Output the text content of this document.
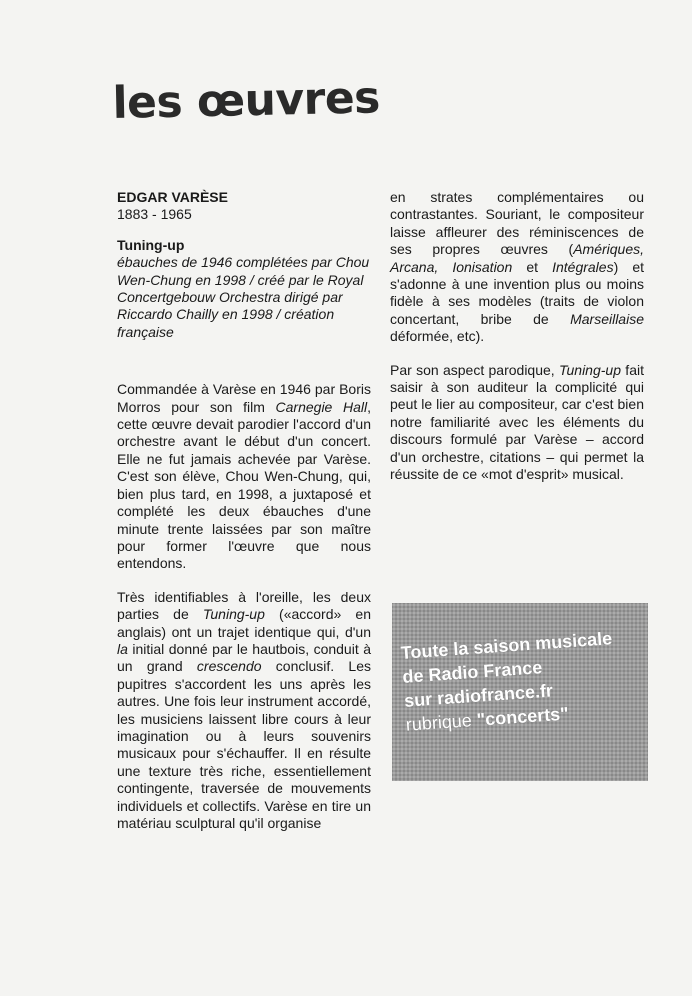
les œuvres
EDGAR VARÈSE
1883 - 1965
Tuning-up

ébauches de 1946 complétées par Chou Wen-Chung en 1998 / créé par le Royal Concertgebouw Orchestra dirigé par Riccardo Chailly en 1998 / création française

Commandée à Varèse en 1946 par Boris Morros pour son film Carnegie Hall, cette œuvre devait parodier l'accord d'un orchestre avant le début d'un concert. Elle ne fut jamais achevée par Varèse. C'est son élève, Chou Wen-Chung, qui, bien plus tard, en 1998, a juxtaposé et complété les deux ébauches d'une minute trente laissées par son maître pour former l'œuvre que nous entendons.

Très identifiables à l'oreille, les deux parties de Tuning-up («accord» en anglais) ont un trajet identique qui, d'un la initial donné par le hautbois, conduit à un grand crescendo conclusif. Les pupitres s'accordent les uns après les autres. Une fois leur instrument accordé, les musiciens laissent libre cours à leur imagination ou à leurs souvenirs musicaux pour s'échauffer. Il en résulte une texture très riche, essentiellement contingente, traversée de mouvements individuels et collectifs. Varèse en tire un matériau sculptural qu'il organise

en strates complémentaires ou contrastantes. Souriant, le compositeur laisse affleurer des réminiscences de ses propres œuvres (Amériques, Arcana, Ionisation et Intégrales) et s'adonne à une invention plus ou moins fidèle à ses modèles (traits de violon concertant, bribe de Marseillaise déformée, etc).

Par son aspect parodique, Tuning-up fait saisir à son auditeur la complicité qui peut le lier au compositeur, car c'est bien notre familiarité avec les éléments du discours formulé par Varèse – accord d'un orchestre, citations – qui permet la réussite de ce «mot d'esprit» musical.

Toute la saison musicale
de Radio France
sur radiofrance.fr
rubrique "concerts"
